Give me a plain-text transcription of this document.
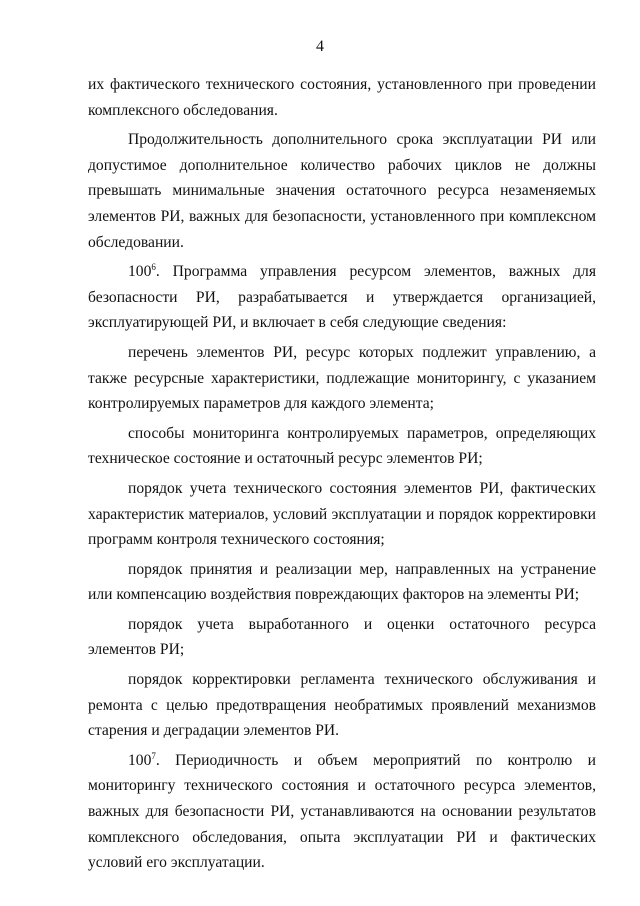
4

их фактического технического состояния, установленного при проведении комплексного обследования.

Продолжительность дополнительного срока эксплуатации РИ или допустимое дополнительное количество рабочих циклов не должны превышать минимальные значения остаточного ресурса незаменяемых элементов РИ, важных для безопасности, установленного при комплексном обследовании.

$100^6$. Программа управления ресурсом элементов, важных для безопасности РИ, разрабатывается и утверждается организацией, эксплуатирующей РИ, и включает в себя следующие сведения:

перечень элементов РИ, ресурс которых подлежит управлению, а также ресурсные характеристики, подлежащие мониторингу, с указанием контролируемых параметров для каждого элемента;

способы мониторинга контролируемых параметров, определяющих техническое состояние и остаточный ресурс элементов РИ;

порядок учета технического состояния элементов РИ, фактических характеристик материалов, условий эксплуатации и порядок корректировки программ контроля технического состояния;

порядок принятия и реализации мер, направленных на устранение или компенсацию воздействия повреждающих факторов на элементы РИ;

порядок учета выработанного и оценки остаточного ресурса элементов РИ;

порядок корректировки регламента технического обслуживания и ремонта с целью предотвращения необратимых проявлений механизмов старения и деградации элементов РИ.

$100^7$. Периодичность и объем мероприятий по контролю и мониторингу технического состояния и остаточного ресурса элементов, важных для безопасности РИ, устанавливаются на основании результатов комплексного обследования, опыта эксплуатации РИ и фактических условий его эксплуатации.
